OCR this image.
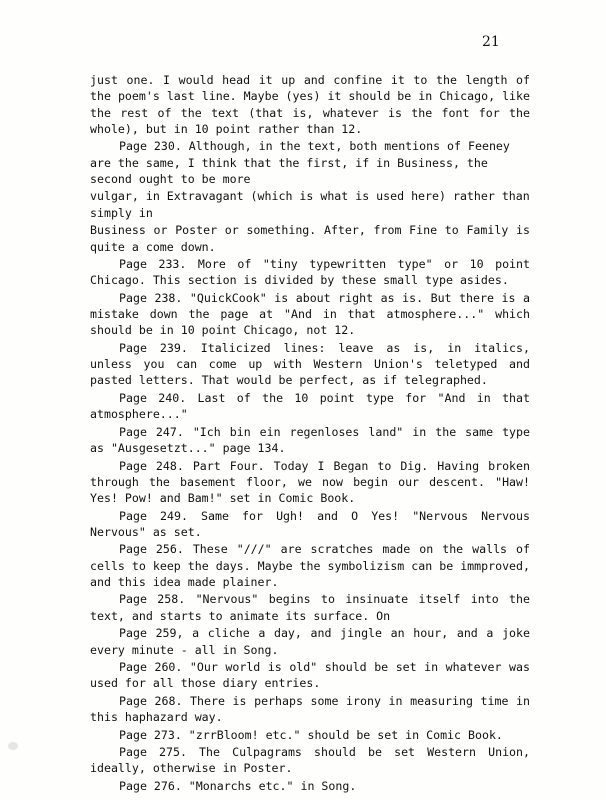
21

just one. I would head it up and confine it to the length of the poem's last line. Maybe (yes) it should be in Chicago, like the rest of the text (that is, whatever is the font for the whole), but in 10 point rather than 12.

Page 230. Although, in the text, both mentions of Feeney are the same, I think that the first, if in Business, the second ought to be more

vulgar, in Extravagant (which is what is used here) rather than simply in

Business or Poster or something. After, from Fine to Family is quite a come down.

Page 233. More of "tiny typewritten type" or 10 point Chicago. This section is divided by these small type asides.

Page 238. "QuickCook" is about right as is. But there is a mistake down the page at "And in that atmosphere..." which should be in 10 point Chicago, not 12.

Page 239. Italicized lines: leave as is, in italics, unless you can come up with Western Union's teletyped and pasted letters. That would be perfect, as if telegraphed.

Page 240. Last of the 10 point type for "And in that atmosphere..."

Page 247. "Ich bin ein regenloses land" in the same type as "Ausgesetzt..." page 134.

Page 248. Part Four. Today I Began to Dig. Having broken through the basement floor, we now begin our descent. "Haw! Yes! Pow! and Bam!" set in Comic Book.

Page 249. Same for Ugh! and O Yes! "Nervous Nervous Nervous" as set.

Page 256. These "///" are scratches made on the walls of cells to keep the days. Maybe the symbolizism can be immproved, and this idea made plainer.

Page 258. "Nervous" begins to insinuate itself into the text, and starts to animate its surface. On

Page 259, a cliche a day, and jingle an hour, and a joke every minute - all in Song.

Page 260. "Our world is old" should be set in whatever was used for all those diary entries.

Page 268. There is perhaps some irony in measuring time in this haphazard way.

Page 273. "zrrBloom! etc." should be set in Comic Book.

Page 275. The Culpagrams should be set Western Union, ideally, otherwise in Poster.

Page 276. "Monarchs etc." in Song.
